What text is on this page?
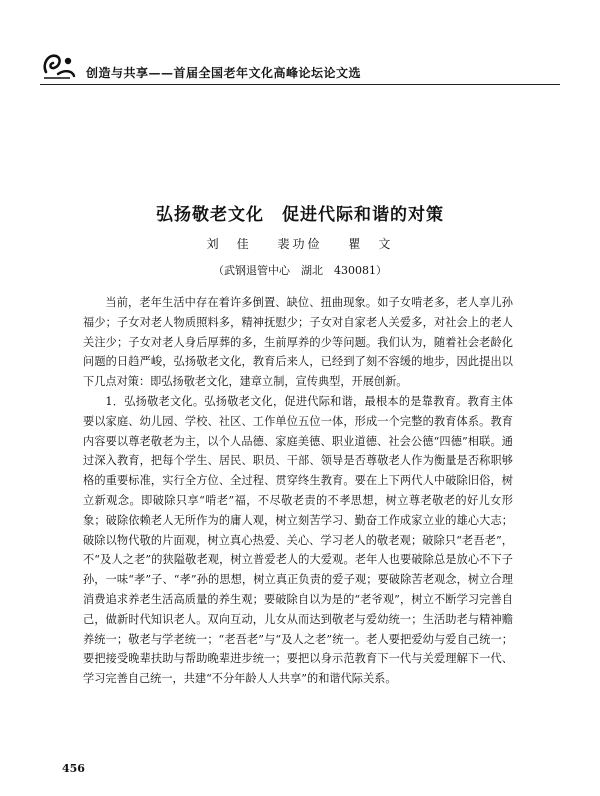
创造与共享——首届全国老年文化高峰论坛论文选
弘扬敬老文化 促进代际和谐的对策
刘　佳 裴功俭 瞿　文
（武钢退管中心　湖北　430081）

当前，老年生活中存在着许多倒置、缺位、扭曲现象。如子女啃老多，老人享儿孙福少；子女对老人物质照料多，精神抚慰少；子女对自家老人关爱多，对社会上的老人关注少；子女对老人身后厚葬的多，生前厚养的少等问题。我们认为，随着社会老龄化问题的日趋严峻，弘扬敬老文化，教育后来人，已经到了刻不容缓的地步，因此提出以下几点对策：即弘扬敬老文化，建章立制，宣传典型，开展创新。

1．弘扬敬老文化。弘扬敬老文化，促进代际和谐，最根本的是靠教育。教育主体要以家庭、幼儿园、学校、社区、工作单位五位一体，形成一个完整的教育体系。教育内容要以尊老敬老为主，以个人品德、家庭美德、职业道德、社会公德“四德”相联。通过深入教育，把每个学生、居民、职员、干部、领导是否尊敬老人作为衡量是否称职够格的重要标准，实行全方位、全过程、贯穿终生教育。要在上下两代人中破除旧俗，树立新观念。即破除只享“啃老”福，不尽敬老责的不孝思想，树立尊老敬老的好儿女形象；破除依赖老人无所作为的庸人观，树立刻苦学习、勤奋工作成家立业的雄心大志；破除以物代敬的片面观，树立真心热爱、关心、学习老人的敬老观；破除只“老吾老”，不“及人之老”的狭隘敬老观，树立普爱老人的大爱观。老年人也要破除总是放心不下子孙，一味“孝”子、“孝”孙的思想，树立真正负责的爱子观；要破除苦老观念，树立合理消费追求养老生活高质量的养生观；要破除自以为是的“老爷观”，树立不断学习完善自己，做新时代知识老人。双向互动，儿女从而达到敬老与爱幼统一；生活助老与精神赡养统一；敬老与学老统一；“老吾老”与“及人之老”统一。老人要把爱幼与爱自己统一；要把接受晚辈扶助与帮助晚辈进步统一；要把以身示范教育下一代与关爱理解下一代、学习完善自己统一，共建“不分年龄人人共享”的和谐代际关系。

456
